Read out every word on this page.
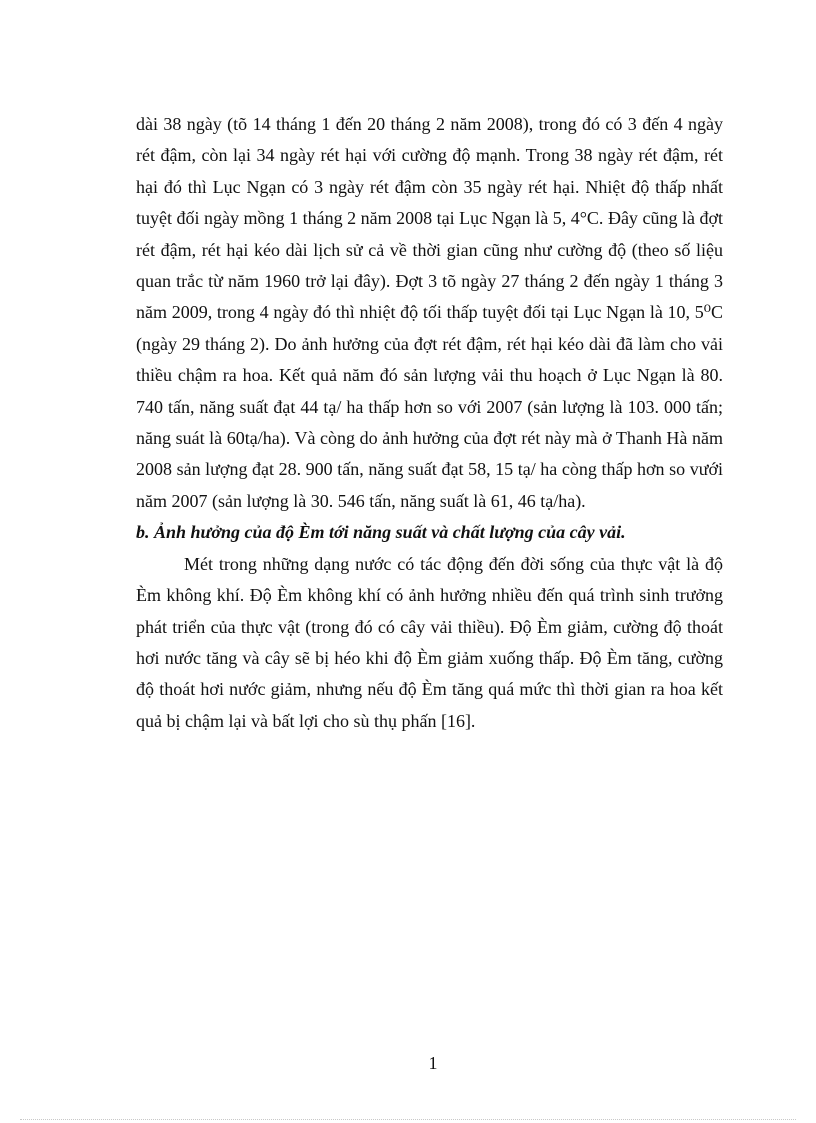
dài 38 ngày (tõ 14 tháng 1 đến 20 tháng 2 năm 2008), trong đó có 3 đến 4 ngày rét đậm, còn lại 34 ngày rét hại với cường độ mạnh. Trong 38 ngày rét đậm, rét hại đó thì Lục Ngạn có 3 ngày rét đậm còn 35 ngày rét hại. Nhiệt độ thấp nhất tuyệt đối ngày mồng 1 tháng 2 năm 2008 tại Lục Ngạn là 5, 4°C. Đây cũng là đợt rét đậm, rét hại kéo dài lịch sử cả về thời gian cũng như cường độ (theo số liệu quan trắc từ năm 1960 trở lại đây). Đợt 3 tõ ngày 27 tháng 2 đến ngày 1 tháng 3 năm 2009, trong 4 ngày đó thì nhiệt độ tối thấp tuyệt đối tại Lục Ngạn là 10, 5⁰C (ngày 29 tháng 2). Do ảnh hưởng của đợt rét đậm, rét hại kéo dài đã làm cho vải thiều chậm ra hoa. Kết quả năm đó sản lượng vải thu hoạch ở Lục Ngạn là 80. 740 tấn, năng suất đạt 44 tạ/ ha thấp hơn so với 2007 (sản lượng là 103. 000 tấn; năng suát là 60tạ/ha). Và còng do ảnh hưởng của đợt rét này mà ở Thanh Hà năm 2008 sản lượng đạt 28. 900 tấn, năng suất đạt 58, 15 tạ/ ha còng thấp hơn so vưới năm 2007 (sản lượng là 30. 546 tấn, năng suất là 61, 46 tạ/ha).

b. Ảnh hưởng của độ Èm tới năng suất và chất lượng của cây vải.

Mét trong những dạng nước có tác động đến đời sống của thực vật là độ Èm không khí. Độ Èm không khí có ảnh hưởng nhiều đến quá trình sinh trưởng phát triển của thực vật (trong đó có cây vải thiều). Độ Èm giảm, cường độ thoát hơi nước tăng và cây sẽ bị héo khi độ Èm giảm xuống thấp. Độ Èm tăng, cường độ thoát hơi nước giảm, nhưng nếu độ Èm tăng quá mức thì thời gian ra hoa kết quả bị chậm lại và bất lợi cho sù thụ phấn [16].

1
